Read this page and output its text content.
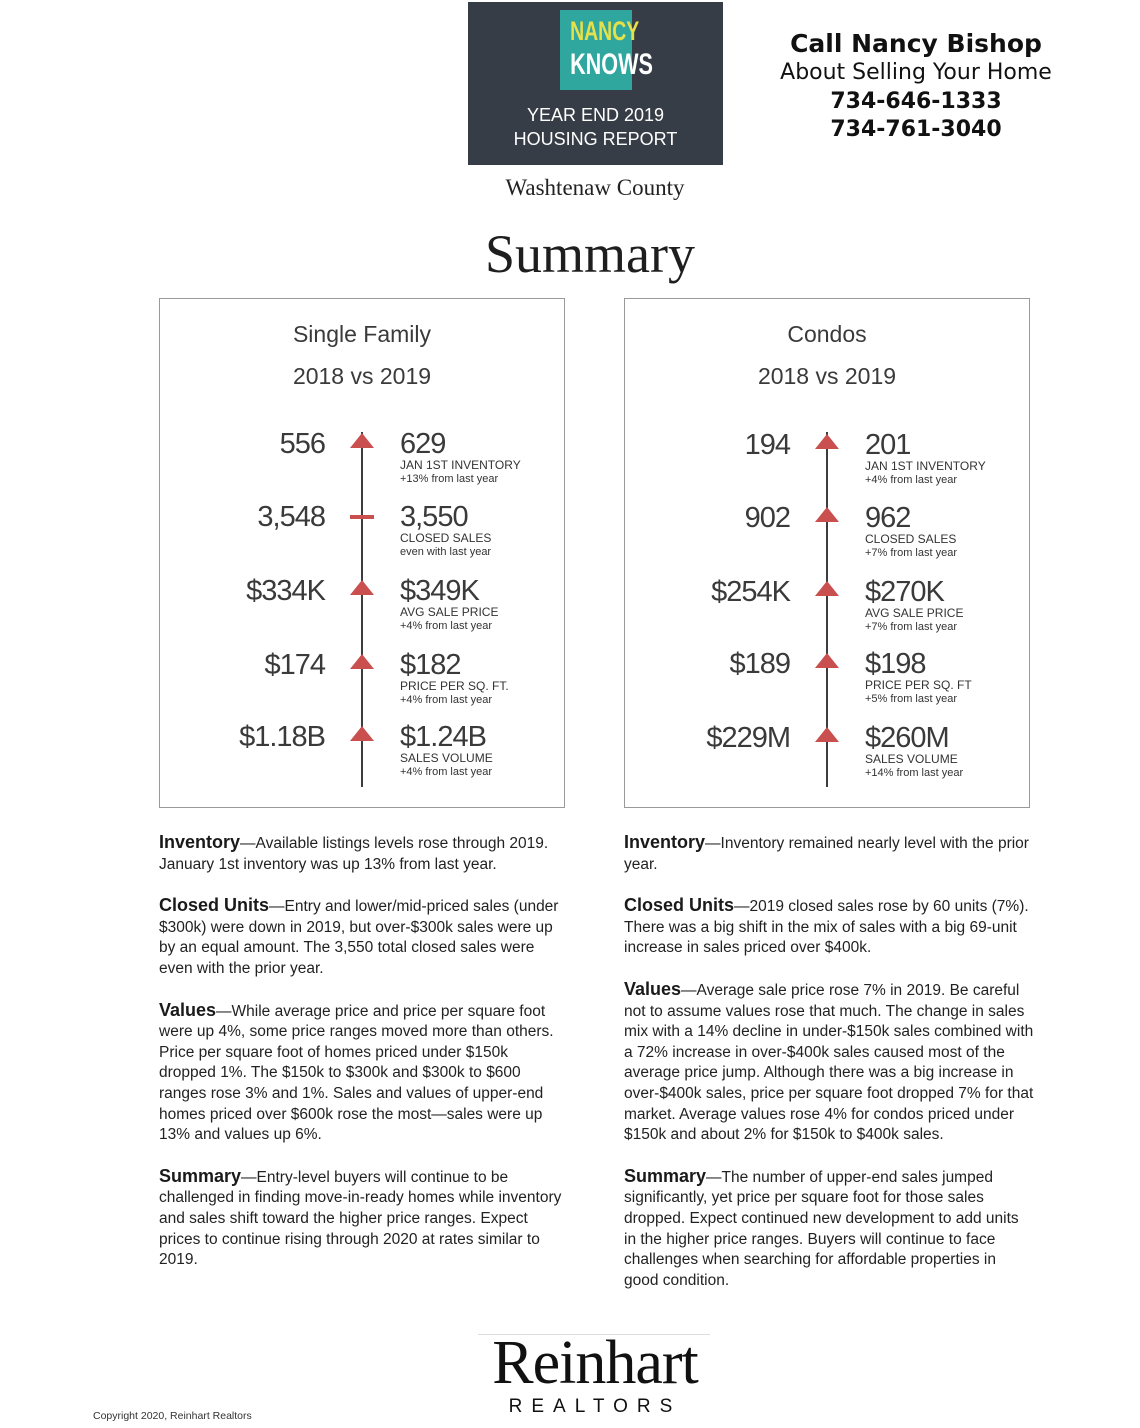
NANCY
KNOWS
YEAR END 2019
HOUSING REPORT
Call Nancy Bishop
About Selling Your Home
734-646-1333
734-761-3040
Washtenaw County
Summary
Single Family
2018 vs 2019
556	629
JAN 1ST INVENTORY
+13% from last year
3,548	3,550
CLOSED SALES
even with last year
$334K	$349K
AVG SALE PRICE
+4% from last year
$174	$182
PRICE PER SQ. FT.
+4% from last year
$1.18B	$1.24B
SALES VOLUME
+4% from last year
Condos
2018 vs 2019
194	201
JAN 1ST INVENTORY
+4% from last year
902	962
CLOSED SALES
+7% from last year
$254K	$270K
AVG SALE PRICE
+7% from last year
$189	$198
PRICE PER SQ. FT
+5% from last year
$229M	$260M
SALES VOLUME
+14% from last year

Inventory—Available listings levels rose through 2019. January 1st inventory was up 13% from last year.

Closed Units—Entry and lower/mid-priced sales (under $300k) were down in 2019, but over-$300k sales were up by an equal amount. The 3,550 total closed sales were even with the prior year.

Values—While average price and price per square foot were up 4%, some price ranges moved more than others. Price per square foot of homes priced under $150k dropped 1%. The $150k to $300k and $300k to $600 ranges rose 3% and 1%. Sales and values of upper-end homes priced over $600k rose the most—sales were up 13% and values up 6%.

Summary—Entry-level buyers will continue to be challenged in finding move-in-ready homes while inventory and sales shift toward the higher price ranges. Expect prices to continue rising through 2020 at rates similar to 2019.

Inventory—Inventory remained nearly level with the prior year.

Closed Units—2019 closed sales rose by 60 units (7%). There was a big shift in the mix of sales with a big 69-unit increase in sales priced over $400k.

Values—Average sale price rose 7% in 2019. Be careful not to assume values rose that much. The change in sales mix with a 14% decline in under-$150k sales combined with a 72% increase in over-$400k sales caused most of the average price jump. Although there was a big increase in over-$400k sales, price per square foot dropped 7% for that market. Average values rose 4% for condos priced under $150k and about 2% for $150k to $400k sales.

Summary—The number of upper-end sales jumped significantly, yet price per square foot for those sales dropped. Expect continued new development to add units in the higher price ranges. Buyers will continue to face challenges when searching for affordable properties in good condition.

Reinhart
REALTORS
Copyright 2020, Reinhart Realtors
